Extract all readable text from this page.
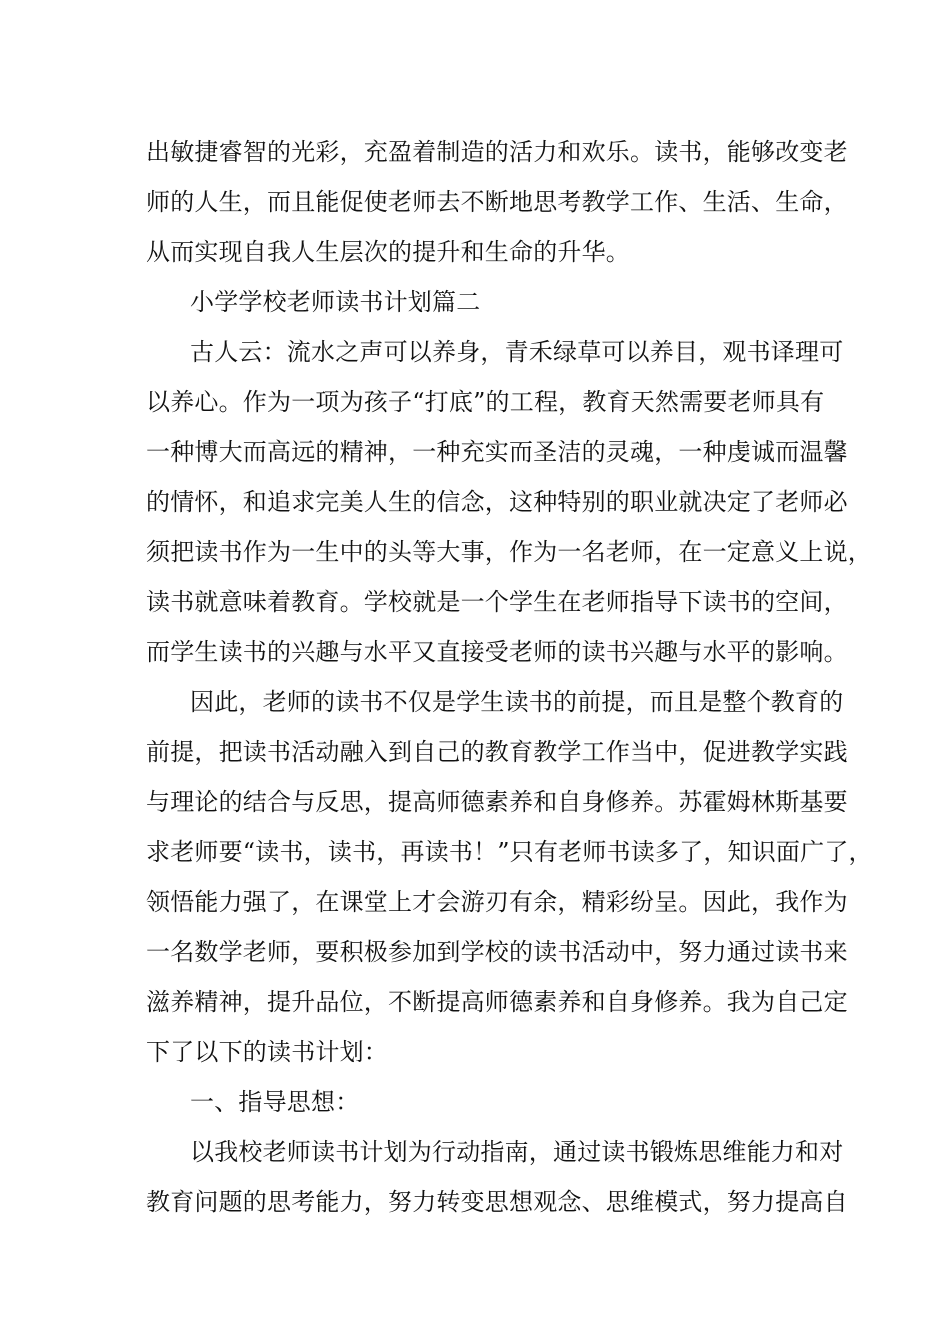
出敏捷睿智的光彩，充盈着制造的活力和欢乐。读书，能够改变老
师的人生，而且能促使老师去不断地思考教学工作、生活、生命，
从而实现自我人生层次的提升和生命的升华。
小学学校老师读书计划篇二
古人云：流水之声可以养身，青禾绿草可以养目，观书译理可
以养心。作为一项为孩子“打底”的工程，教育天然需要老师具有
一种博大而高远的精神，一种充实而圣洁的灵魂，一种虔诚而温馨
的情怀，和追求完美人生的信念，这种特别的职业就决定了老师必
须把读书作为一生中的头等大事，作为一名老师，在一定意义上说，
读书就意味着教育。学校就是一个学生在老师指导下读书的空间，
而学生读书的兴趣与水平又直接受老师的读书兴趣与水平的影响。
因此，老师的读书不仅是学生读书的前提，而且是整个教育的
前提，把读书活动融入到自己的教育教学工作当中，促进教学实践
与理论的结合与反思，提高师德素养和自身修养。苏霍姆林斯基要
求老师要“读书，读书，再读书！”只有老师书读多了，知识面广了，
领悟能力强了，在课堂上才会游刃有余，精彩纷呈。因此，我作为
一名数学老师，要积极参加到学校的读书活动中，努力通过读书来
滋养精神，提升品位，不断提高师德素养和自身修养。我为自己定
下了以下的读书计划：
一、指导思想：
以我校老师读书计划为行动指南，通过读书锻炼思维能力和对
教育问题的思考能力，努力转变思想观念、思维模式，努力提高自
